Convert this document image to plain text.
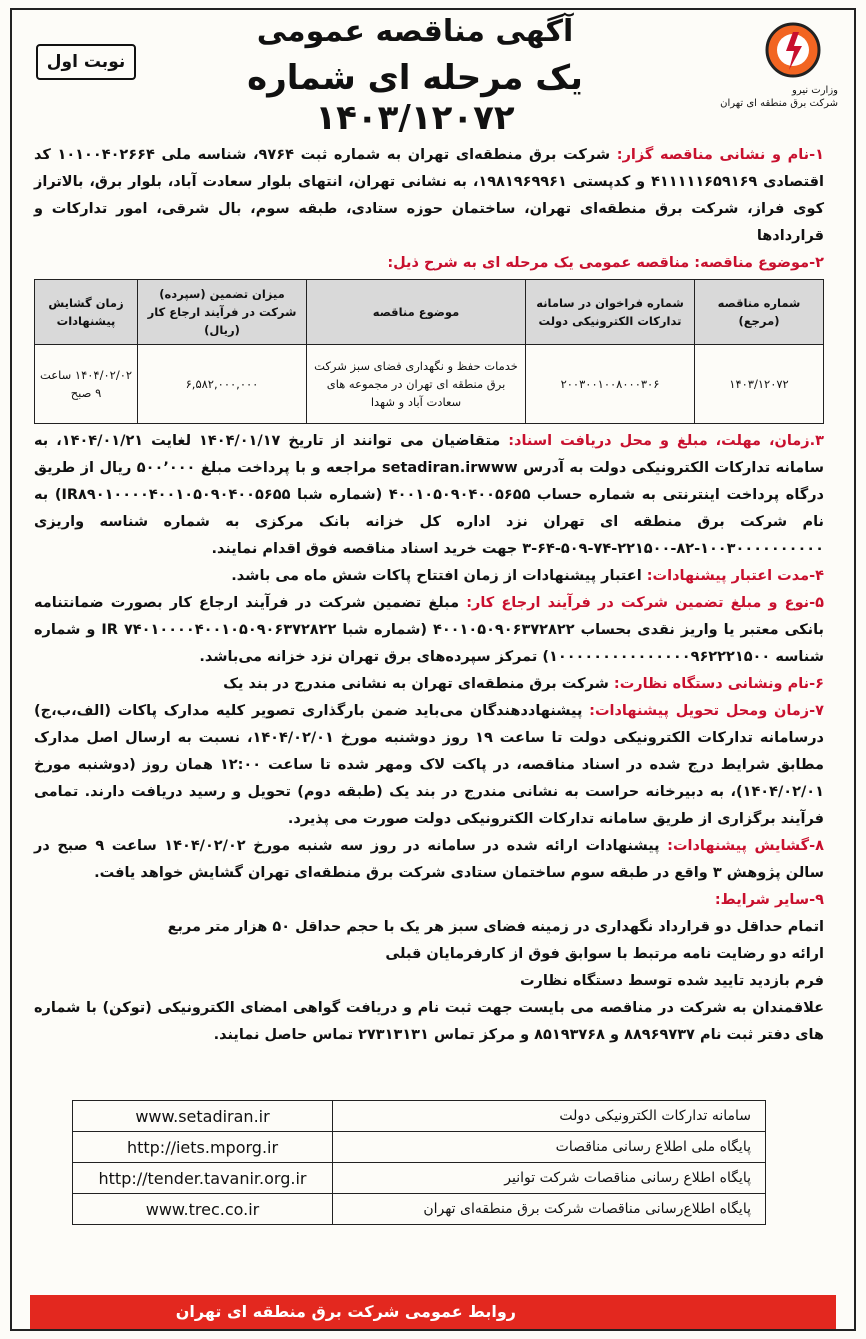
وزارت نیرو
شرکت برق منطقه ای تهران
آگهی مناقصه عمومی
یک مرحله ای شماره ۱۴۰۳/۱۲۰۷۲
نوبت اول

۱-نام و نشانی مناقصه گزار: شرکت برق منطقه‌ای تهران به شماره ثبت ۹۷۶۴، شناسه ملی ۱۰۱۰۰۴۰۲۶۶۴ کد اقتصادی ۴۱۱۱۱۱۶۵۹۱۶۹ و کدپستی ۱۹۸۱۹۶۹۹۶۱، به نشانی تهران، انتهای بلوار سعادت آباد، بلوار برق، بالاتراز کوی فراز، شرکت برق منطقه‌ای تهران، ساختمان حوزه ستادی، طبقه سوم، بال شرقی، امور تدارکات و قراردادها

۲-موضوع مناقصه: مناقصه عمومی یک مرحله ای به شرح ذیل:

شماره مناقصه (مرجع)	شماره فراخوان در سامانه تدارکات الکترونیکی دولت	موضوع مناقصه	میزان تضمین (سپرده) شرکت در فرآیند ارجاع کار (ریال)	زمان گشایش پیشنهادات
۱۴۰۳/۱۲۰۷۲	۲۰۰۳۰۰۱۰۰۸۰۰۰۳۰۶	خدمات حفظ و نگهداری فضای سبز شرکت برق منطقه ای تهران در مجموعه های سعادت آباد و شهدا	۶,۵۸۲,۰۰۰,۰۰۰	۱۴۰۴/۰۲/۰۲ ساعت ۹ صبح

۳.زمان، مهلت، مبلغ و محل دریافت اسناد: متقاضیان می توانند از تاریخ ۱۴۰۴/۰۱/۱۷ لغایت ۱۴۰۴/۰۱/۲۱، به سامانه تدارکات الکترونیکی دولت به آدرس setadiran.irwww مراجعه و با پرداخت مبلغ ۵۰۰٬۰۰۰ ریال از طریق درگاه پرداخت اینترنتی به شماره حساب ۴۰۰۱۰۵۰۹۰۴۰۰۵۶۵۵ (شماره شبا IR۸۹۰۱۰۰۰۰۴۰۰۱۰۵۰۹۰۴۰۰۵۶۵۵) به نام شرکت برق منطقه ای تهران نزد اداره کل خزانه بانک مرکزی به شماره شناسه واریزی ۱۰۰۳۰۰۰۰۰۰۰۰۰۰-۸۲-۲۲۱۵۰۰-۷۴-۵۰۹-۶۴-۳ جهت خرید اسناد مناقصه فوق اقدام نمایند.

۴-مدت اعتبار پیشنهادات: اعتبار پیشنهادات از زمان افتتاح پاکات شش ماه می باشد.

۵-نوع و مبلغ تضمین شرکت در فرآیند ارجاع کار: مبلغ تضمین شرکت در فرآیند ارجاع کار بصورت ضمانتنامه بانکی معتبر یا واریز نقدی بحساب ۴۰۰۱۰۵۰۹۰۶۳۷۲۸۲۲ (شماره شبا IR ۷۴۰۱۰۰۰۰۴۰۰۱۰۵۰۹۰۶۳۷۲۸۲۲ و شماره شناسه ۱۰۰۰۰۰۰۰۰۰۰۰۰۰۰۰۹۶۲۲۲۱۵۰۰) تمرکز سپرده‌های برق تهران نزد خزانه می‌باشد.

۶-نام ونشانی دستگاه نظارت: شرکت برق منطقه‌ای تهران به نشانی مندرج در بند یک

۷-زمان ومحل تحویل پیشنهادات: پیشنهاددهندگان می‌باید ضمن بارگذاری تصویر کلیه مدارک پاکات (الف،ب،ج) درسامانه تدارکات الکترونیکی دولت تا ساعت ۱۹ روز دوشنبه مورخ ۱۴۰۴/۰۲/۰۱، نسبت به ارسال اصل مدارک مطابق شرایط درج شده در اسناد مناقصه، در پاکت لاک ومهر شده تا ساعت ۱۲:۰۰ همان روز (دوشنبه مورخ ۱۴۰۴/۰۲/۰۱)، به دبیرخانه حراست به نشانی مندرج در بند یک (طبقه دوم) تحویل و رسید دریافت دارند. تمامی فرآیند برگزاری از طریق سامانه تدارکات الکترونیکی دولت صورت می پذیرد.

۸-گشایش پیشنهادات: پیشنهادات ارائه شده در سامانه در روز سه شنبه مورخ ۱۴۰۴/۰۲/۰۲ ساعت ۹ صبح در سالن پژوهش ۳ واقع در طبقه سوم ساختمان ستادی شرکت برق منطقه‌ای تهران گشایش خواهد یافت.

۹-سایر شرایط:

اتمام حداقل دو قرارداد نگهداری در زمینه فضای سبز هر یک با حجم حداقل ۵۰ هزار متر مربع

ارائه دو رضایت نامه مرتبط با سوابق فوق از کارفرمایان قبلی

فرم بازدید تایید شده توسط دستگاه نظارت

علاقمندان به شرکت در مناقصه می بایست جهت ثبت نام و دریافت گواهی امضای الکترونیکی (توکن) با شماره های دفتر ثبت نام ۸۸۹۶۹۷۳۷ و ۸۵۱۹۳۷۶۸ و مرکز تماس ۲۷۳۱۳۱۳۱ تماس حاصل نمایند.

سامانه تدارکات الکترونیکی دولت	www.setadiran.ir
پایگاه ملی اطلاع رسانی مناقصات	http://iets.mporg.ir
پایگاه اطلاع رسانی مناقصات شرکت توانیر	http://tender.tavanir.org.ir
پایگاه اطلاع‌رسانی مناقصات شرکت برق منطقه‌ای تهران	www.trec.co.ir
روابط عمومی شرکت برق منطقه ای تهران
